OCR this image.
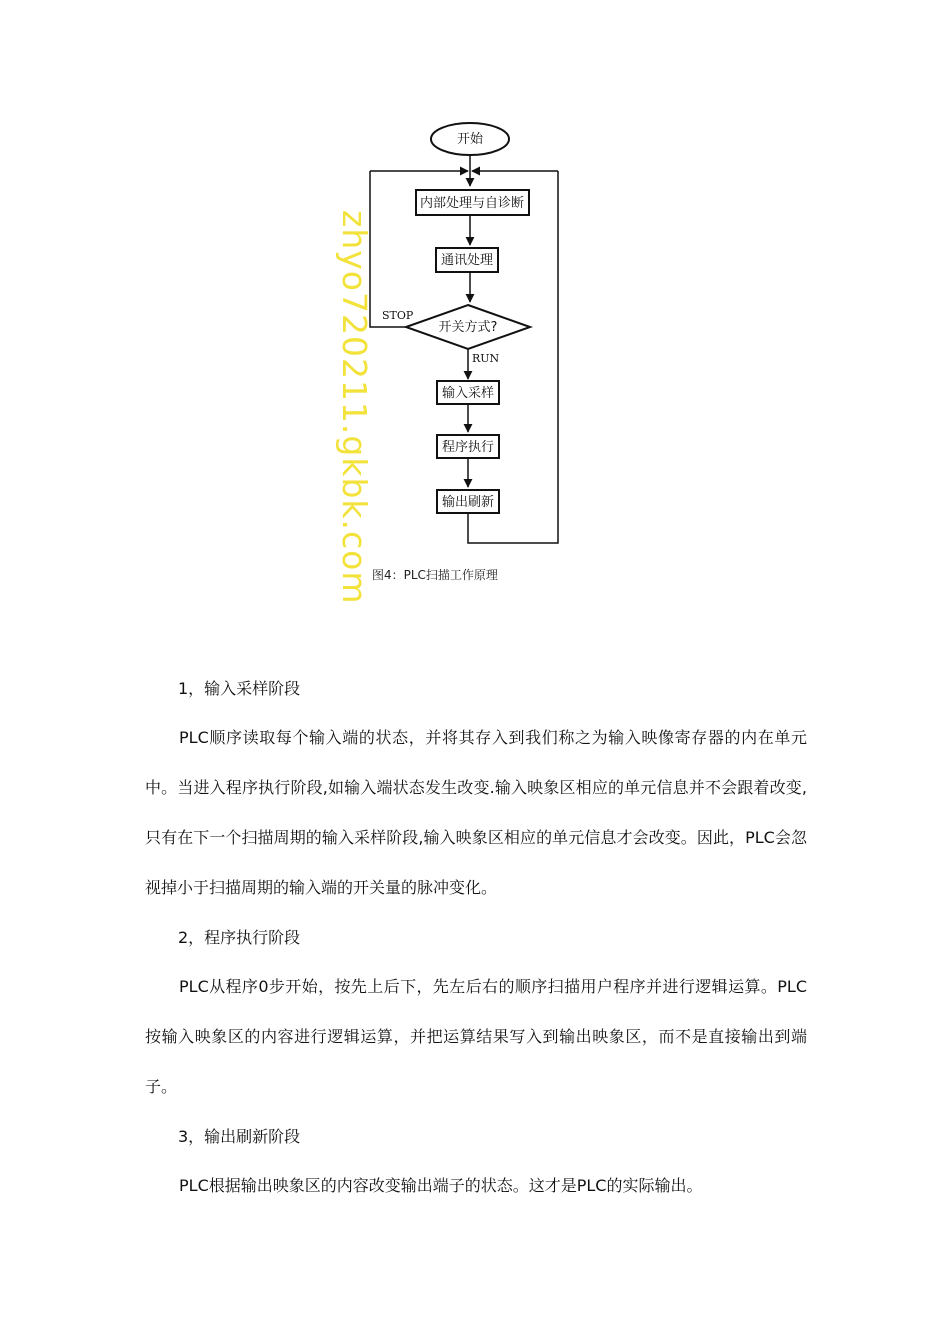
开始
内部处理与自诊断
通讯处理
开关方式?
STOP
RUN
输入采样
程序执行
输出刷新
图4：PLC扫描工作原理
zhyo720211.gkbk.com
1，输入采样阶段

PLC顺序读取每个输入端的状态，并将其存入到我们称之为输入映像寄存器的内在单元中。当进入程序执行阶段,如输入端状态发生改变.输入映象区相应的单元信息并不会跟着改变,只有在下一个扫描周期的输入采样阶段,输入映象区相应的单元信息才会改变。因此，PLC会忽视掉小于扫描周期的输入端的开关量的脉冲变化。

2，程序执行阶段

PLC从程序0步开始，按先上后下，先左后右的顺序扫描用户程序并进行逻辑运算。PLC按输入映象区的内容进行逻辑运算，并把运算结果写入到输出映象区，而不是直接输出到端子。

3，输出刷新阶段

PLC根据输出映象区的内容改变输出端子的状态。这才是PLC的实际输出。
